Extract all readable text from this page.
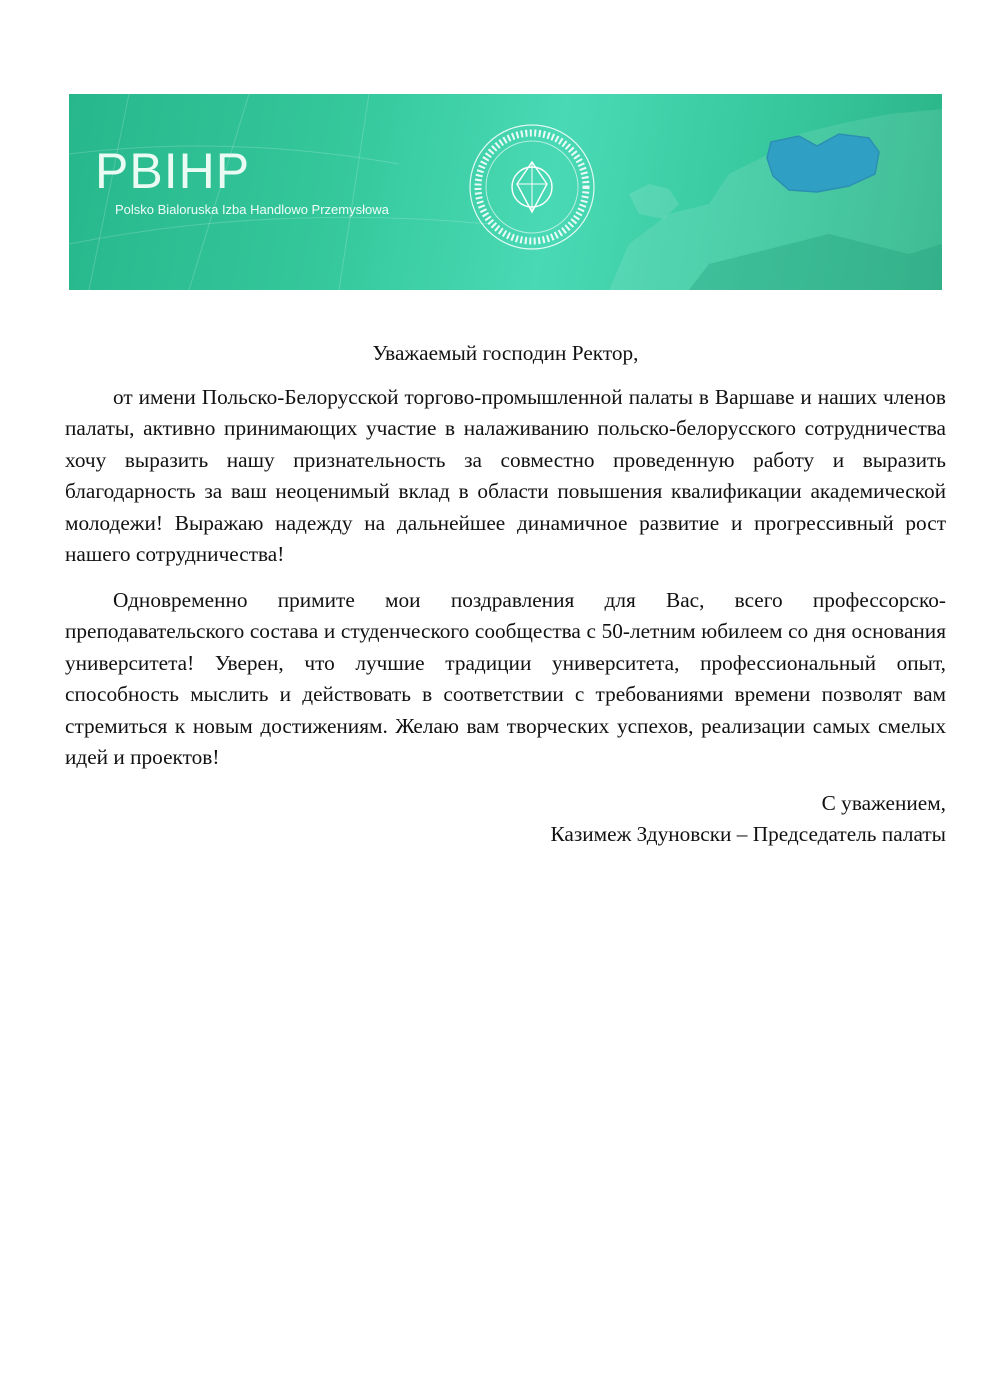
PBIHP
Polsko Bialoruska Izba Handlowo Przemysłowa

Уважаемый господин Ректор,

от имени Польско-Белорусской торгово-промышленной палаты в Варшаве и наших членов палаты, активно принимающих участие в налаживанию польско-белорусского сотрудничества хочу выразить нашу признательность за совместно проведенную работу и выразить благодарность за ваш неоценимый вклад в области повышения квалификации академической молодежи! Выражаю надежду на дальнейшее динамичное развитие и прогрессивный рост нашего сотрудничества!

Одновременно примите мои поздравления для Вас, всего профессорско-преподавательского состава и студенческого сообщества с 50-летним юбилеем со дня основания университета! Уверен, что лучшие традиции университета, профессиональный опыт, способность мыслить и действовать в соответствии с требованиями времени позволят вам стремиться к новым достижениям. Желаю вам творческих успехов, реализации самых смелых идей и проектов!

С уважением,

Казимеж Здуновски – Председатель палаты
